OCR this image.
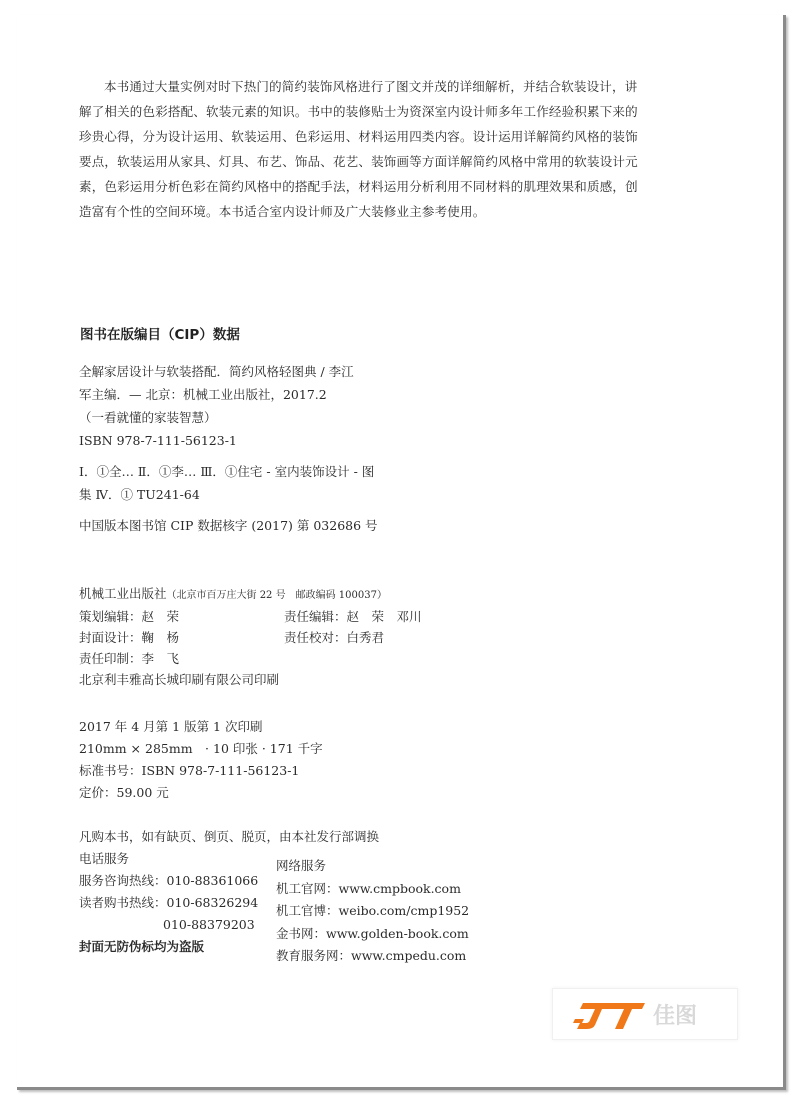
本书通过大量实例对时下热门的简约装饰风格进行了图文并茂的详细解析，并结合软装设计，讲解了相关的色彩搭配、软装元素的知识。书中的装修贴士为资深室内设计师多年工作经验积累下来的珍贵心得，分为设计运用、软装运用、色彩运用、材料运用四类内容。设计运用详解简约风格的装饰要点，软装运用从家具、灯具、布艺、饰品、花艺、装饰画等方面详解简约风格中常用的软装设计元素，色彩运用分析色彩在简约风格中的搭配手法，材料运用分析利用不同材料的肌理效果和质感，创造富有个性的空间环境。本书适合室内设计师及广大装修业主参考使用。

图书在版编目（CIP）数据
全解家居设计与软装搭配．简约风格轻图典 / 李江
军主编．— 北京：机械工业出版社，2017.2
（一看就懂的家装智慧）
ISBN 978-7-111-56123-1
Ⅰ．①全… Ⅱ．①李… Ⅲ．①住宅 - 室内装饰设计 - 图
集 Ⅳ．① TU241-64
中国版本图书馆 CIP 数据核字 (2017) 第 032686 号
机械工业出版社（北京市百万庄大街 22 号　邮政编码 100037）
策划编辑：赵　荣	责任编辑：赵　荣　邓川
封面设计：鞠　杨	责任校对：白秀君
责任印制：李　飞
北京利丰雅高长城印刷有限公司印刷
2017 年 4 月第 1 版第 1 次印刷
210mm × 285mm　· 10 印张 · 171 千字
标准书号：ISBN 978-7-111-56123-1
定价：59.00 元
凡购本书，如有缺页、倒页、脱页，由本社发行部调换
电话服务
服务咨询热线：010-88361066
读者购书热线：010-68326294
010-88379203
封面无防伪标均为盗版
网络服务
机工官网：www.cmpbook.com
机工官博：weibo.com/cmp1952
金书网：www.golden-book.com
教育服务网：www.cmpedu.com
佳图
